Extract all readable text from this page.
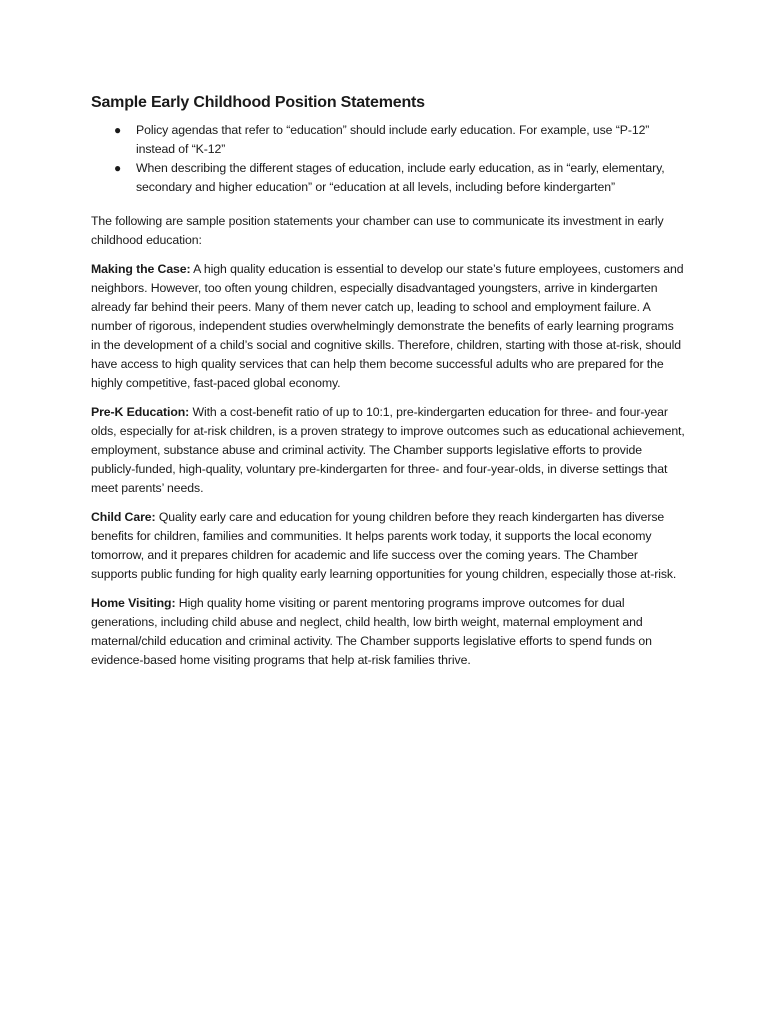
Sample Early Childhood Position Statements
● Policy agendas that refer to “education” should include early education. For example, use “P-12” instead of “K-12”
● When describing the different stages of education, include early education, as in “early, elementary, secondary and higher education” or “education at all levels, including before kindergarten”

The following are sample position statements your chamber can use to communicate its investment in early childhood education:

Making the Case: A high quality education is essential to develop our state’s future employees, customers and neighbors. However, too often young children, especially disadvantaged youngsters, arrive in kindergarten already far behind their peers. Many of them never catch up, leading to school and employment failure. A number of rigorous, independent studies overwhelmingly demonstrate the benefits of early learning programs in the development of a child’s social and cognitive skills. Therefore, children, starting with those at-risk, should have access to high quality services that can help them become successful adults who are prepared for the highly competitive, fast-paced global economy.

Pre-K Education: With a cost-benefit ratio of up to 10:1, pre-kindergarten education for three- and four-year olds, especially for at-risk children, is a proven strategy to improve outcomes such as educational achievement, employment, substance abuse and criminal activity. The Chamber supports legislative efforts to provide publicly-funded, high-quality, voluntary pre-kindergarten for three- and four-year-olds, in diverse settings that meet parents’ needs.

Child Care: Quality early care and education for young children before they reach kindergarten has diverse benefits for children, families and communities. It helps parents work today, it supports the local economy tomorrow, and it prepares children for academic and life success over the coming years. The Chamber supports public funding for high quality early learning opportunities for young children, especially those at-risk.

Home Visiting: High quality home visiting or parent mentoring programs improve outcomes for dual generations, including child abuse and neglect, child health, low birth weight, maternal employment and maternal/child education and criminal activity. The Chamber supports legislative efforts to spend funds on evidence-based home visiting programs that help at-risk families thrive.
